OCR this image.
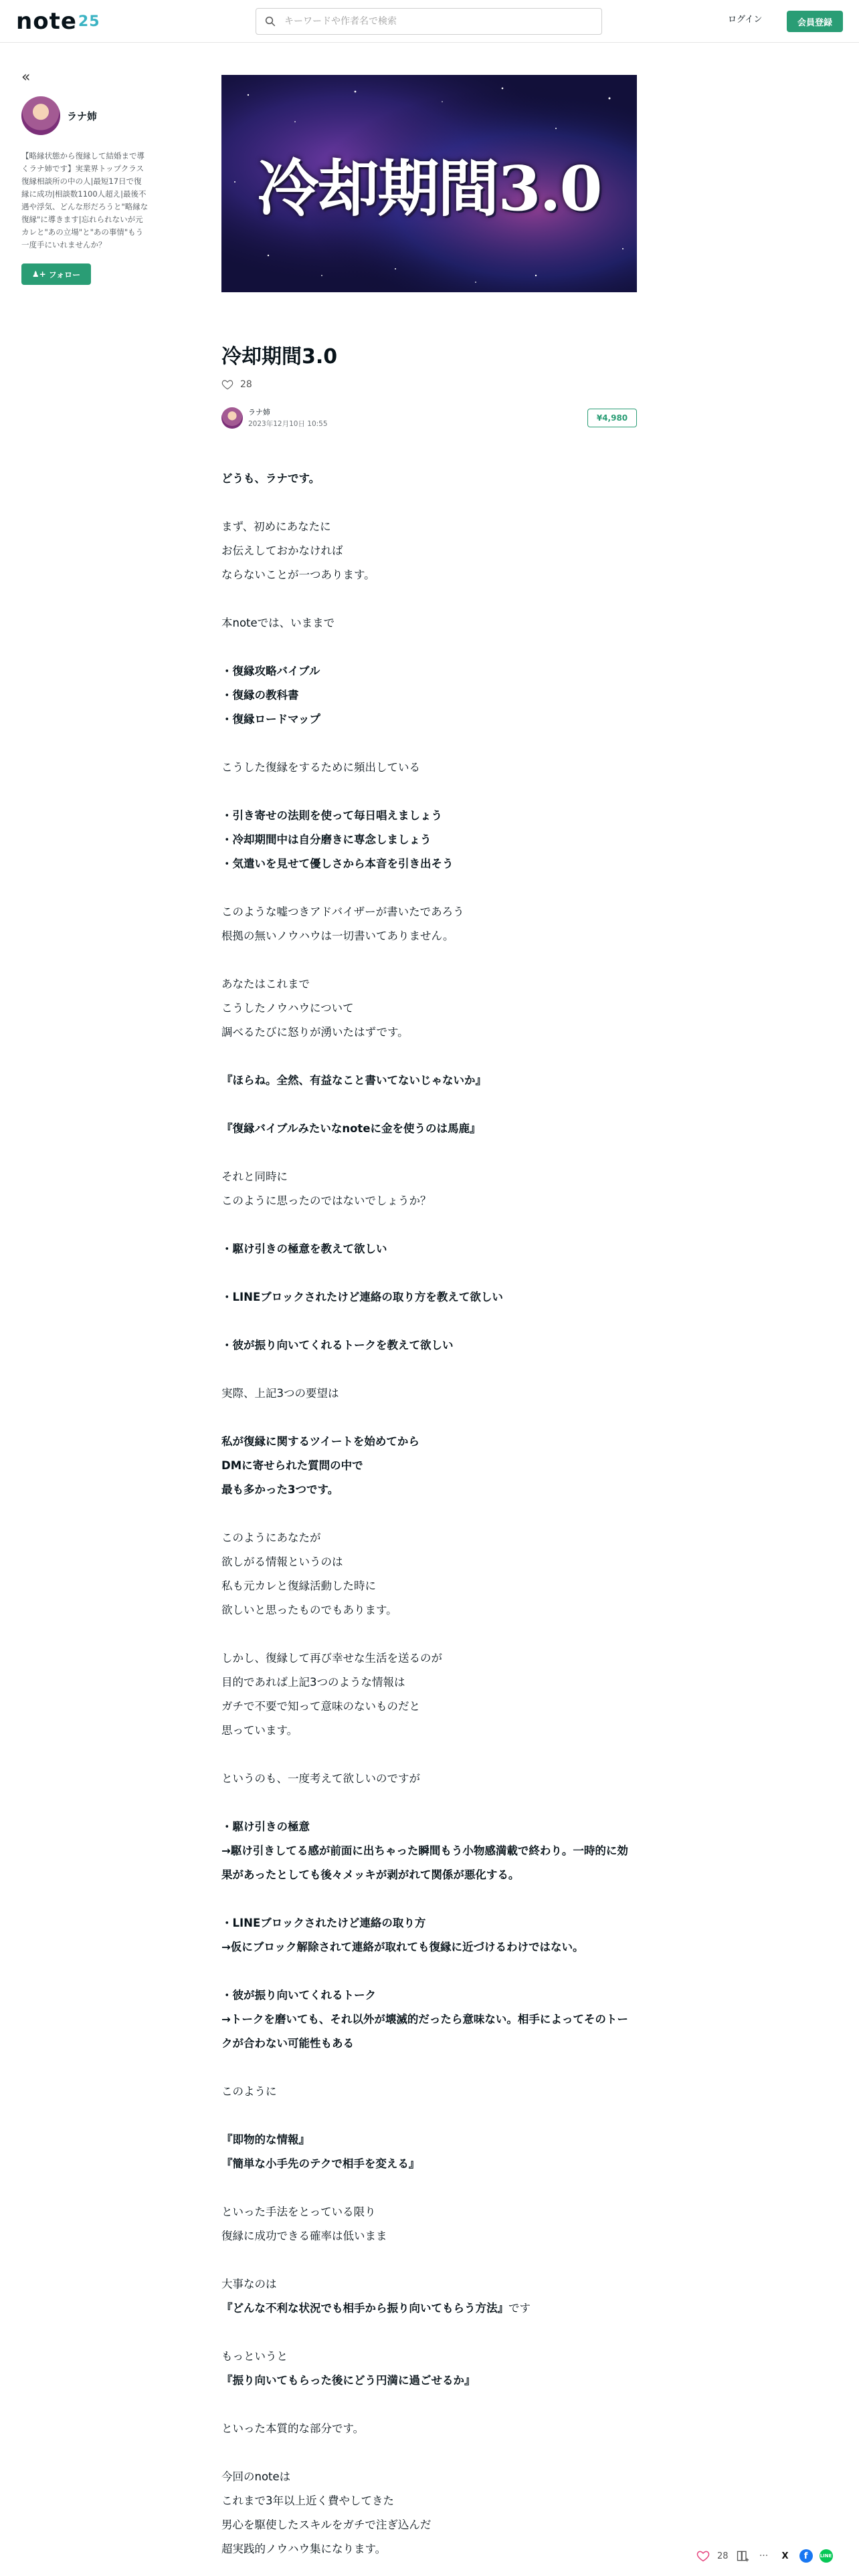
note 25
キーワードや作者名で検索	ログイン	会員登録
«
ラナ姉
【略縁状態から復縁して結婚まで導くラナ姉です】実業界トップクラス復縁相談所の中の人|最短17日で復縁に成功|相談数1100人超え|最後不遇や浮気、どんな形だろうと"略縁な復縁"に導きます|忘れられないが元カレと"あの立場"と"あの事情"もう一度手にいれませんか？
♟+ フォロー
冷却期間3.0
冷却期間3.0
28
ラナ姉
2023年12月10日 10:55
¥4,980
どうも、ラナです。
まず、初めにあなたに
お伝えしておかなければ
ならないことが一つあります。
本noteでは、いままで
・復縁攻略バイブル
・復縁の教科書
・復縁ロードマップ
こうした復縁をするために頻出している
・引き寄せの法則を使って毎日唱えましょう
・冷却期間中は自分磨きに専念しましょう
・気遣いを見せて優しさから本音を引き出そう
このような嘘つきアドバイザーが書いたであろう
根拠の無いノウハウは一切書いてありません。
あなたはこれまで
こうしたノウハウについて
調べるたびに怒りが湧いたはずです。
『ほらね。全然、有益なこと書いてないじゃないか』
『復縁バイブルみたいなnoteに金を使うのは馬鹿』
それと同時に
このように思ったのではないでしょうか？
・駆け引きの極意を教えて欲しい
・LINEブロックされたけど連絡の取り方を教えて欲しい
・彼が振り向いてくれるトークを教えて欲しい
実際、上記3つの要望は
私が復縁に関するツイートを始めてから
DMに寄せられた質問の中で
最も多かった3つです。
このようにあなたが
欲しがる情報というのは
私も元カレと復縁活動した時に
欲しいと思ったものでもあります。
しかし、復縁して再び幸せな生活を送るのが
目的であれば上記3つのような情報は
ガチで不要で知って意味のないものだと
思っています。
というのも、一度考えて欲しいのですが
・駆け引きの極意
→駆け引きしてる感が前面に出ちゃった瞬間もう小物感満載で終わり。一時的に効果があったとしても後々メッキが剥がれて関係が悪化する。
・LINEブロックされたけど連絡の取り方
→仮にブロック解除されて連絡が取れても復縁に近づけるわけではない。
・彼が振り向いてくれるトーク
→トークを磨いても、それ以外が壊滅的だったら意味ない。相手によってそのトークが合わない可能性もある
このように
『即物的な情報』
『簡単な小手先のテクで相手を変える』
といった手法をとっている限り
復縁に成功できる確率は低いまま
大事なのは
『どんな不利な状況でも相手から振り向いてもらう方法』です
もっというと
『振り向いてもらった後にどう円満に過ごせるか』
といった本質的な部分です。
今回のnoteは
これまで3年以上近く費やしてきた
男心を駆使したスキルをガチで注ぎ込んだ
超実践的ノウハウ集になります。
28	···	X	f	LINE
